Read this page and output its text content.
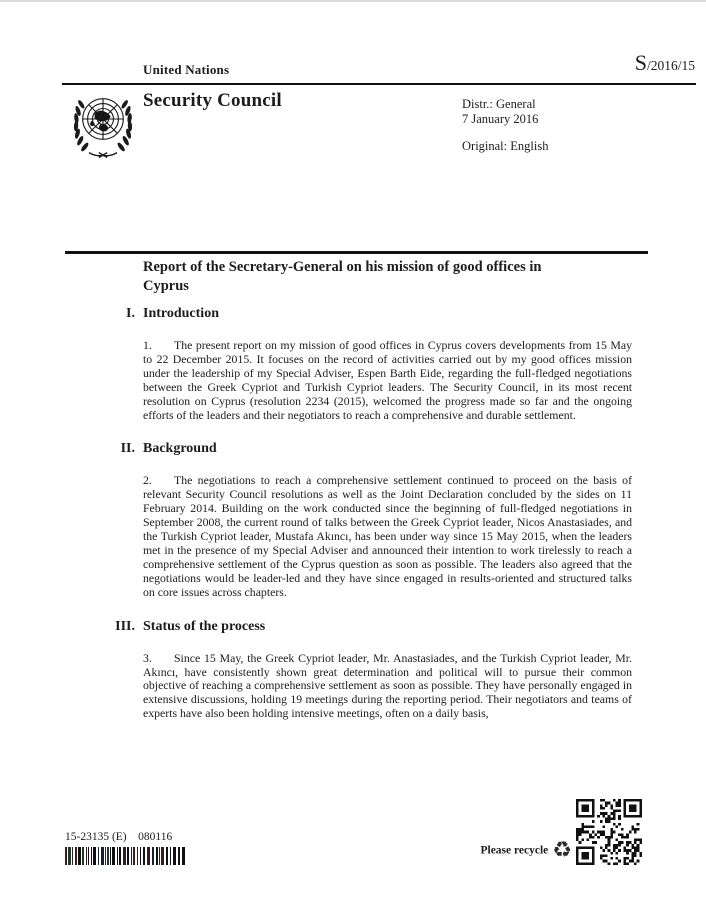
United Nations	S/2016/15
Security Council	Distr.: General
7 January 2016
Original: English
Report of the Secretary-General on his mission of good offices in Cyprus
I. Introduction

1. The present report on my mission of good offices in Cyprus covers developments from 15 May to 22 December 2015. It focuses on the record of activities carried out by my good offices mission under the leadership of my Special Adviser, Espen Barth Eide, regarding the full-fledged negotiations between the Greek Cypriot and Turkish Cypriot leaders. The Security Council, in its most recent resolution on Cyprus (resolution 2234 (2015), welcomed the progress made so far and the ongoing efforts of the leaders and their negotiators to reach a comprehensive and durable settlement.

II. Background

2. The negotiations to reach a comprehensive settlement continued to proceed on the basis of relevant Security Council resolutions as well as the Joint Declaration concluded by the sides on 11 February 2014. Building on the work conducted since the beginning of full-fledged negotiations in September 2008, the current round of talks between the Greek Cypriot leader, Nicos Anastasiades, and the Turkish Cypriot leader, Mustafa Akıncı, has been under way since 15 May 2015, when the leaders met in the presence of my Special Adviser and announced their intention to work tirelessly to reach a comprehensive settlement of the Cyprus question as soon as possible. The leaders also agreed that the negotiations would be leader-led and they have since engaged in results-oriented and structured talks on core issues across chapters.

III. Status of the process

3. Since 15 May, the Greek Cypriot leader, Mr. Anastasiades, and the Turkish Cypriot leader, Mr. Akıncı, have consistently shown great determination and political will to pursue their common objective of reaching a comprehensive settlement as soon as possible. They have personally engaged in extensive discussions, holding 19 meetings during the reporting period. Their negotiators and teams of experts have also been holding intensive meetings, often on a daily basis,

15-23135 (E)    080116
Please recycle ♻
